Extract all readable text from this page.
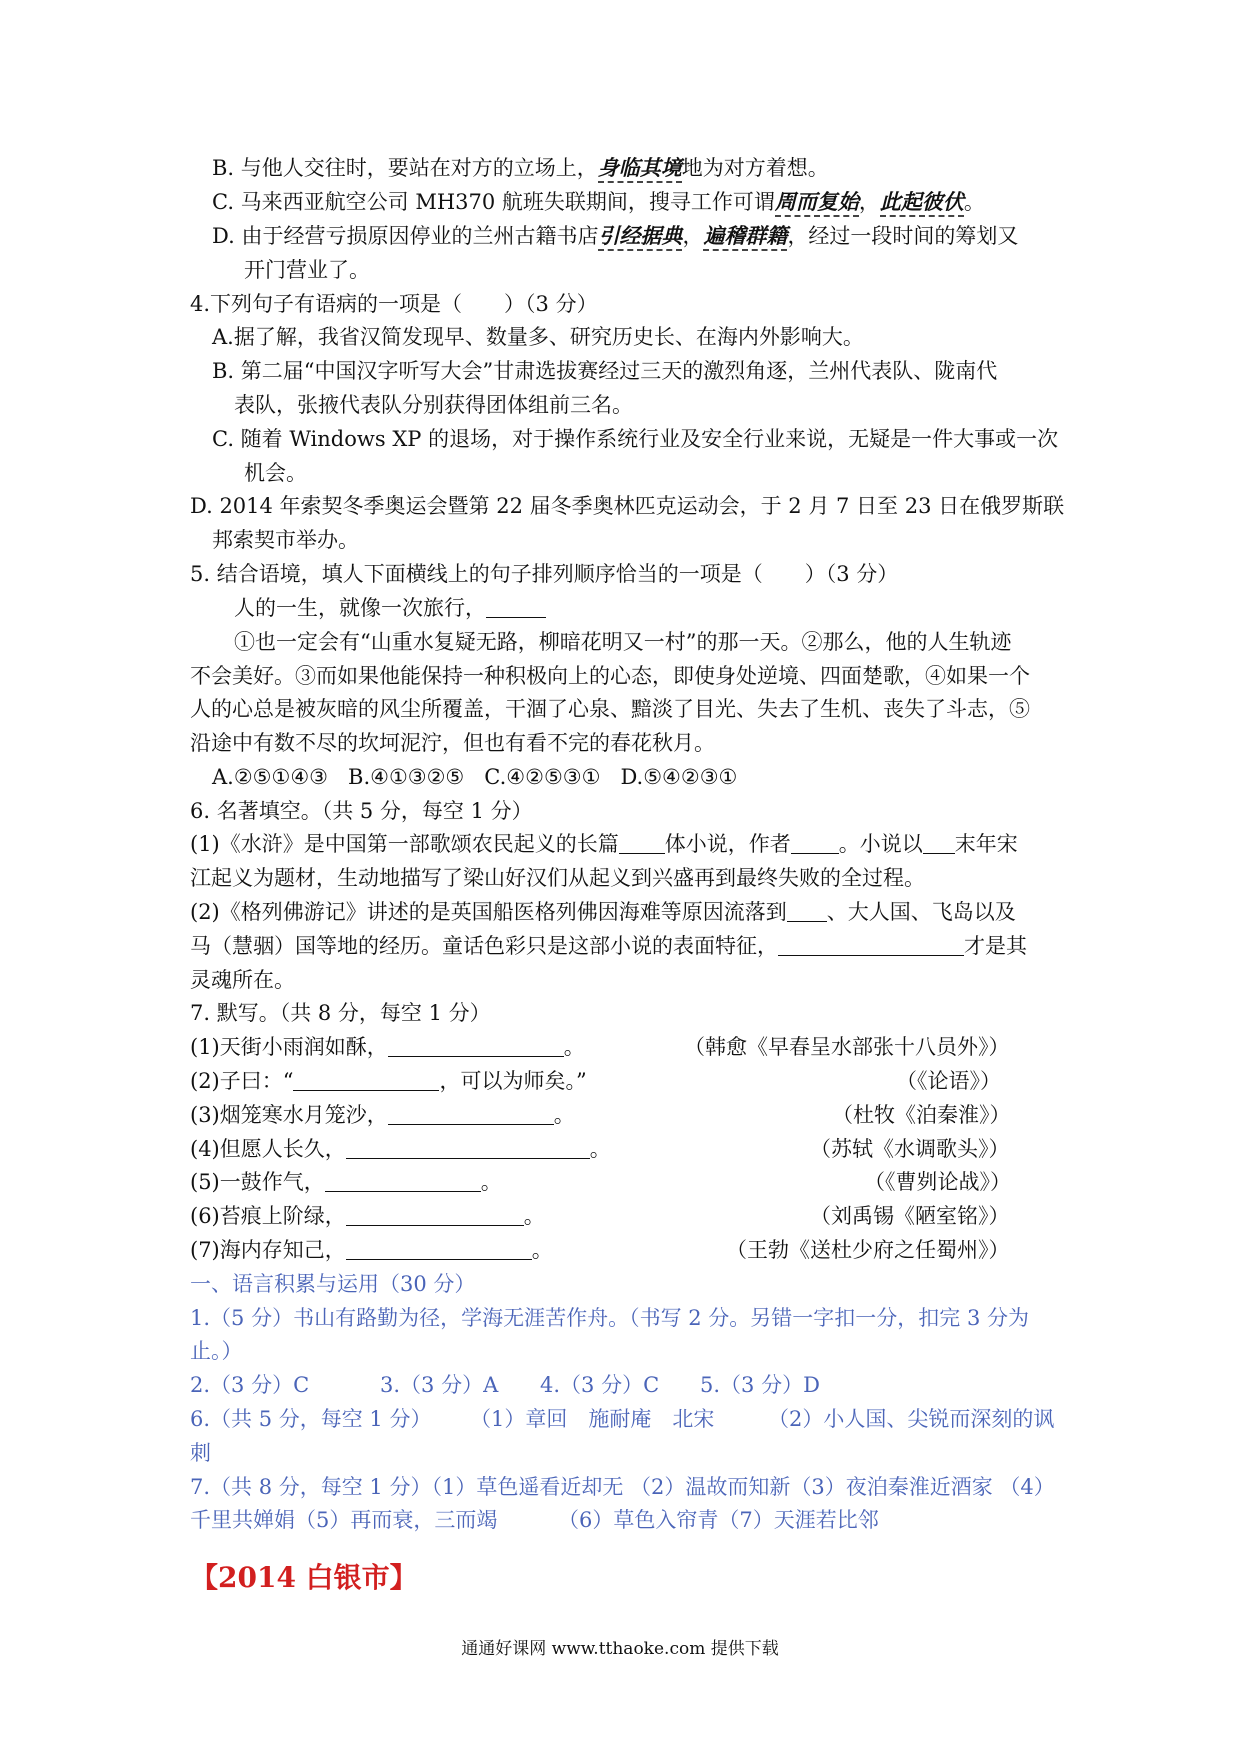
B. 与他人交往时，要站在对方的立场上，身临其境地为对方着想。
C. 马来西亚航空公司 MH370 航班失联期间，搜寻工作可谓周而复始，此起彼伏。
D. 由于经营亏损原因停业的兰州古籍书店引经据典，遍稽群籍，经过一段时间的筹划又
开门营业了。
4.下列句子有语病的一项是（　　）（3 分）
A.据了解，我省汉简发现早、数量多、研究历史长、在海内外影响大。
B. 第二届“中国汉字听写大会”甘肃选拔赛经过三天的激烈角逐，兰州代表队、陇南代
表队，张掖代表队分别获得团体组前三名。
C. 随着 Windows XP 的退场，对于操作系统行业及安全行业来说，无疑是一件大事或一次
机会。
D. 2014 年索契冬季奥运会暨第 22 届冬季奥林匹克运动会，于 2 月 7 日至 23 日在俄罗斯联
邦索契市举办。
5. 结合语境，填人下面横线上的句子排列顺序恰当的一项是（　　）（3 分）
人的一生，就像一次旅行，
①也一定会有“山重水复疑无路，柳暗花明又一村”的那一天。②那么，他的人生轨迹
不会美好。③而如果他能保持一种积极向上的心态，即使身处逆境、四面楚歌，④如果一个
人的心总是被灰暗的风尘所覆盖，干涸了心泉、黯淡了目光、失去了生机、丧失了斗志，⑤
沿途中有数不尽的坎坷泥泞，但也有看不完的春花秋月。
A.②⑤①④③ B.④①③②⑤ C.④②⑤③① D.⑤④②③①
6. 名著填空。（共 5 分，每空 1 分）
(1)《水浒》是中国第一部歌颂农民起义的长篇 体小说，作者 。小说以 末年宋
江起义为题材，生动地描写了梁山好汉们从起义到兴盛再到最终失败的全过程。
(2)《格列佛游记》讲述的是英国船医格列佛因海难等原因流落到 、大人国、飞岛以及
马（慧骃）国等地的经历。童话色彩只是这部小说的表面特征，	才是其
灵魂所在。
7. 默写。（共 8 分，每空 1 分）
(1)天街小雨润如酥，	。	（韩愈《早春呈水部张十八员外》）
(2)子曰：“	，可以为师矣。”	（《论语》）
(3)烟笼寒水月笼沙，	。	（杜牧《泊秦淮》）
(4)但愿人长久，	。	（苏轼《水调歌头》）
(5)一鼓作气，	。	（《曹刿论战》）
(6)苔痕上阶绿，	。	（刘禹锡《陋室铭》）
(7)海内存知己，	。	（王勃《送杜少府之任蜀州》）
一、语言积累与运用（30 分）
1.（5 分）书山有路勤为径，学海无涯苦作舟。（书写 2 分。另错一字扣一分，扣完 3 分为
止。）
2.（3 分）C	3.（3 分）A 4.（3 分）C 5.（3 分）D
6.（共 5 分，每空 1 分） （1）章回　施耐庵　北宋	（2）小人国、尖锐而深刻的讽
刺
7.（共 8 分，每空 1 分）（1）草色遥看近却无 （2）温故而知新（3）夜泊秦淮近酒家 （4）
千里共婵娟（5）再而衰，三而竭	（6）草色入帘青（7）天涯若比邻
【2014 白银市】
通通好课网 www.tthaoke.com 提供下载
